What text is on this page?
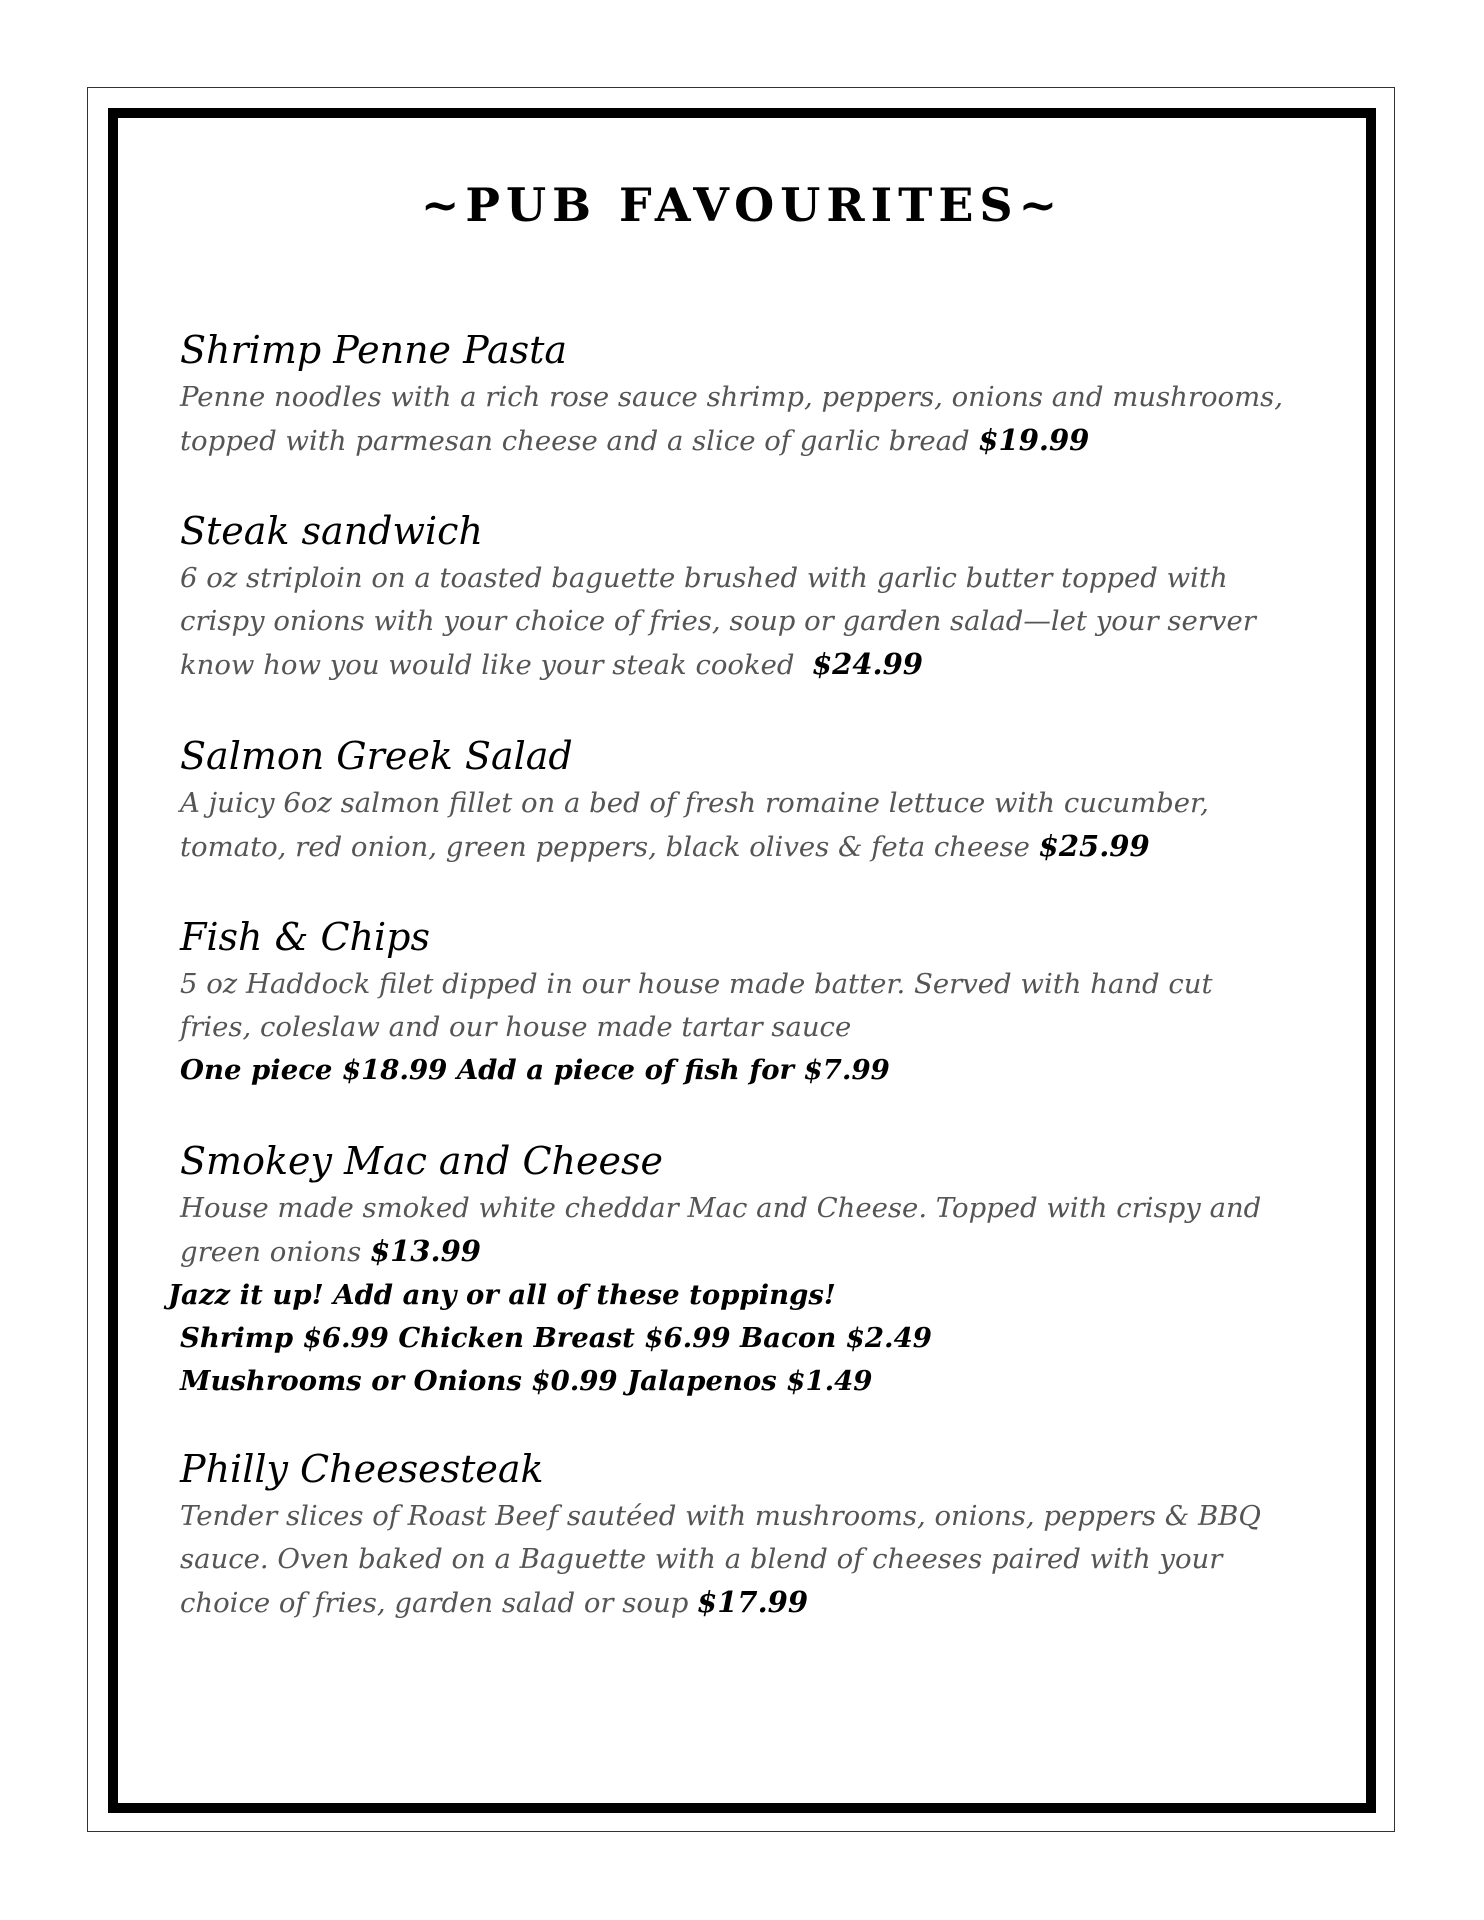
~PUB FAVOURITES~
Shrimp Penne Pasta
Penne noodles with a rich rose sauce shrimp, peppers, onions and mushrooms,
topped with parmesan cheese and a slice of garlic bread $19.99
Steak sandwich
6 oz striploin on a toasted baguette brushed with garlic butter topped with
crispy onions with your choice of fries, soup or garden salad—let your server
know how you would like your steak cooked $24.99
Salmon Greek Salad
A juicy 6oz salmon fillet on a bed of fresh romaine lettuce with cucumber,
tomato, red onion, green peppers, black olives & feta cheese $25.99
Fish & Chips
5 oz Haddock filet dipped in our house made batter. Served with hand cut
fries, coleslaw and our house made tartar sauce
One piece $18.99 Add a piece of fish for $7.99
Smokey Mac and Cheese
House made smoked white cheddar Mac and Cheese. Topped with crispy and
green onions $13.99
Jazz it up! Add any or all of these toppings!
Shrimp $6.99 Chicken Breast $6.99 Bacon $2.49
Mushrooms or Onions $0.99 Jalapenos $1.49
Philly Cheesesteak
Tender slices of Roast Beef sautéed with mushrooms, onions, peppers & BBQ
sauce. Oven baked on a Baguette with a blend of cheeses paired with your
choice of fries, garden salad or soup $17.99
